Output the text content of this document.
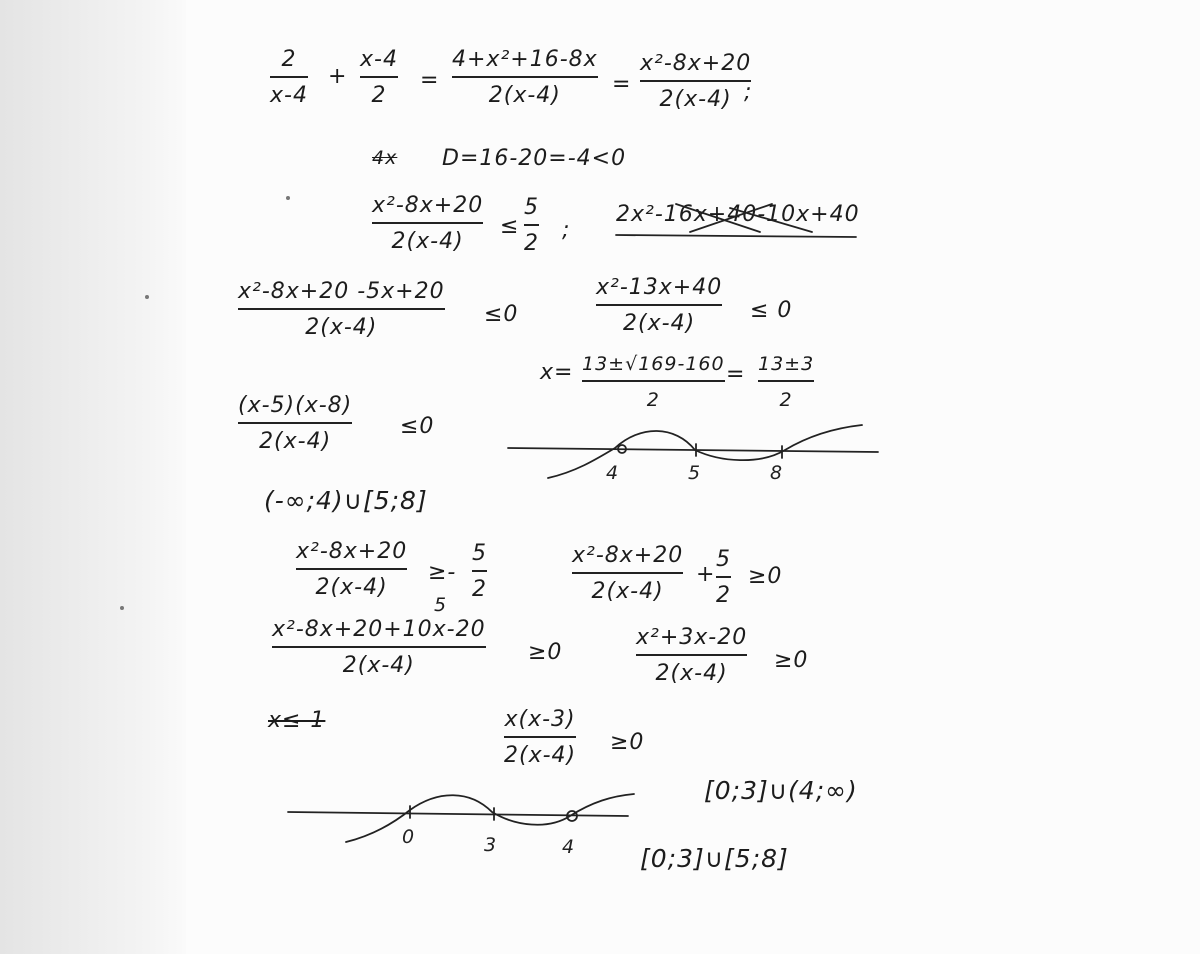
2
x-4
+
x-4
2
=
4+x²+16-8x
2(x-4) =
x²-8x+20
2(x-4) ;
4x D=16-20=-4<0
x²-8x+20
2(x-4)
≤
5
2
;
2x²-16x+40-10x+40
x²-8x+20 -5x+20
2(x-4)
≤0
x²-13x+40
2(x-4)
≤ 0
x= 13±√169-160
2
= 13±3
2
(x-5)(x-8)
2(x-4)
≤0
4	5	8
(-∞;4)∪[5;8]
x²-8x+20
2(x-4)
≥-
5
2
x²-8x+20
2(x-4)
+
5
2
≥0
5
x²-8x+20+10x-20
2(x-4)
≥0
x²+3x-20
2(x-4)
≥0
x≤-1	x(x-3)
2(x-4)
≥0
0	3	4
[0;3]∪(4;∞)
[0;3]∪[5;8]
